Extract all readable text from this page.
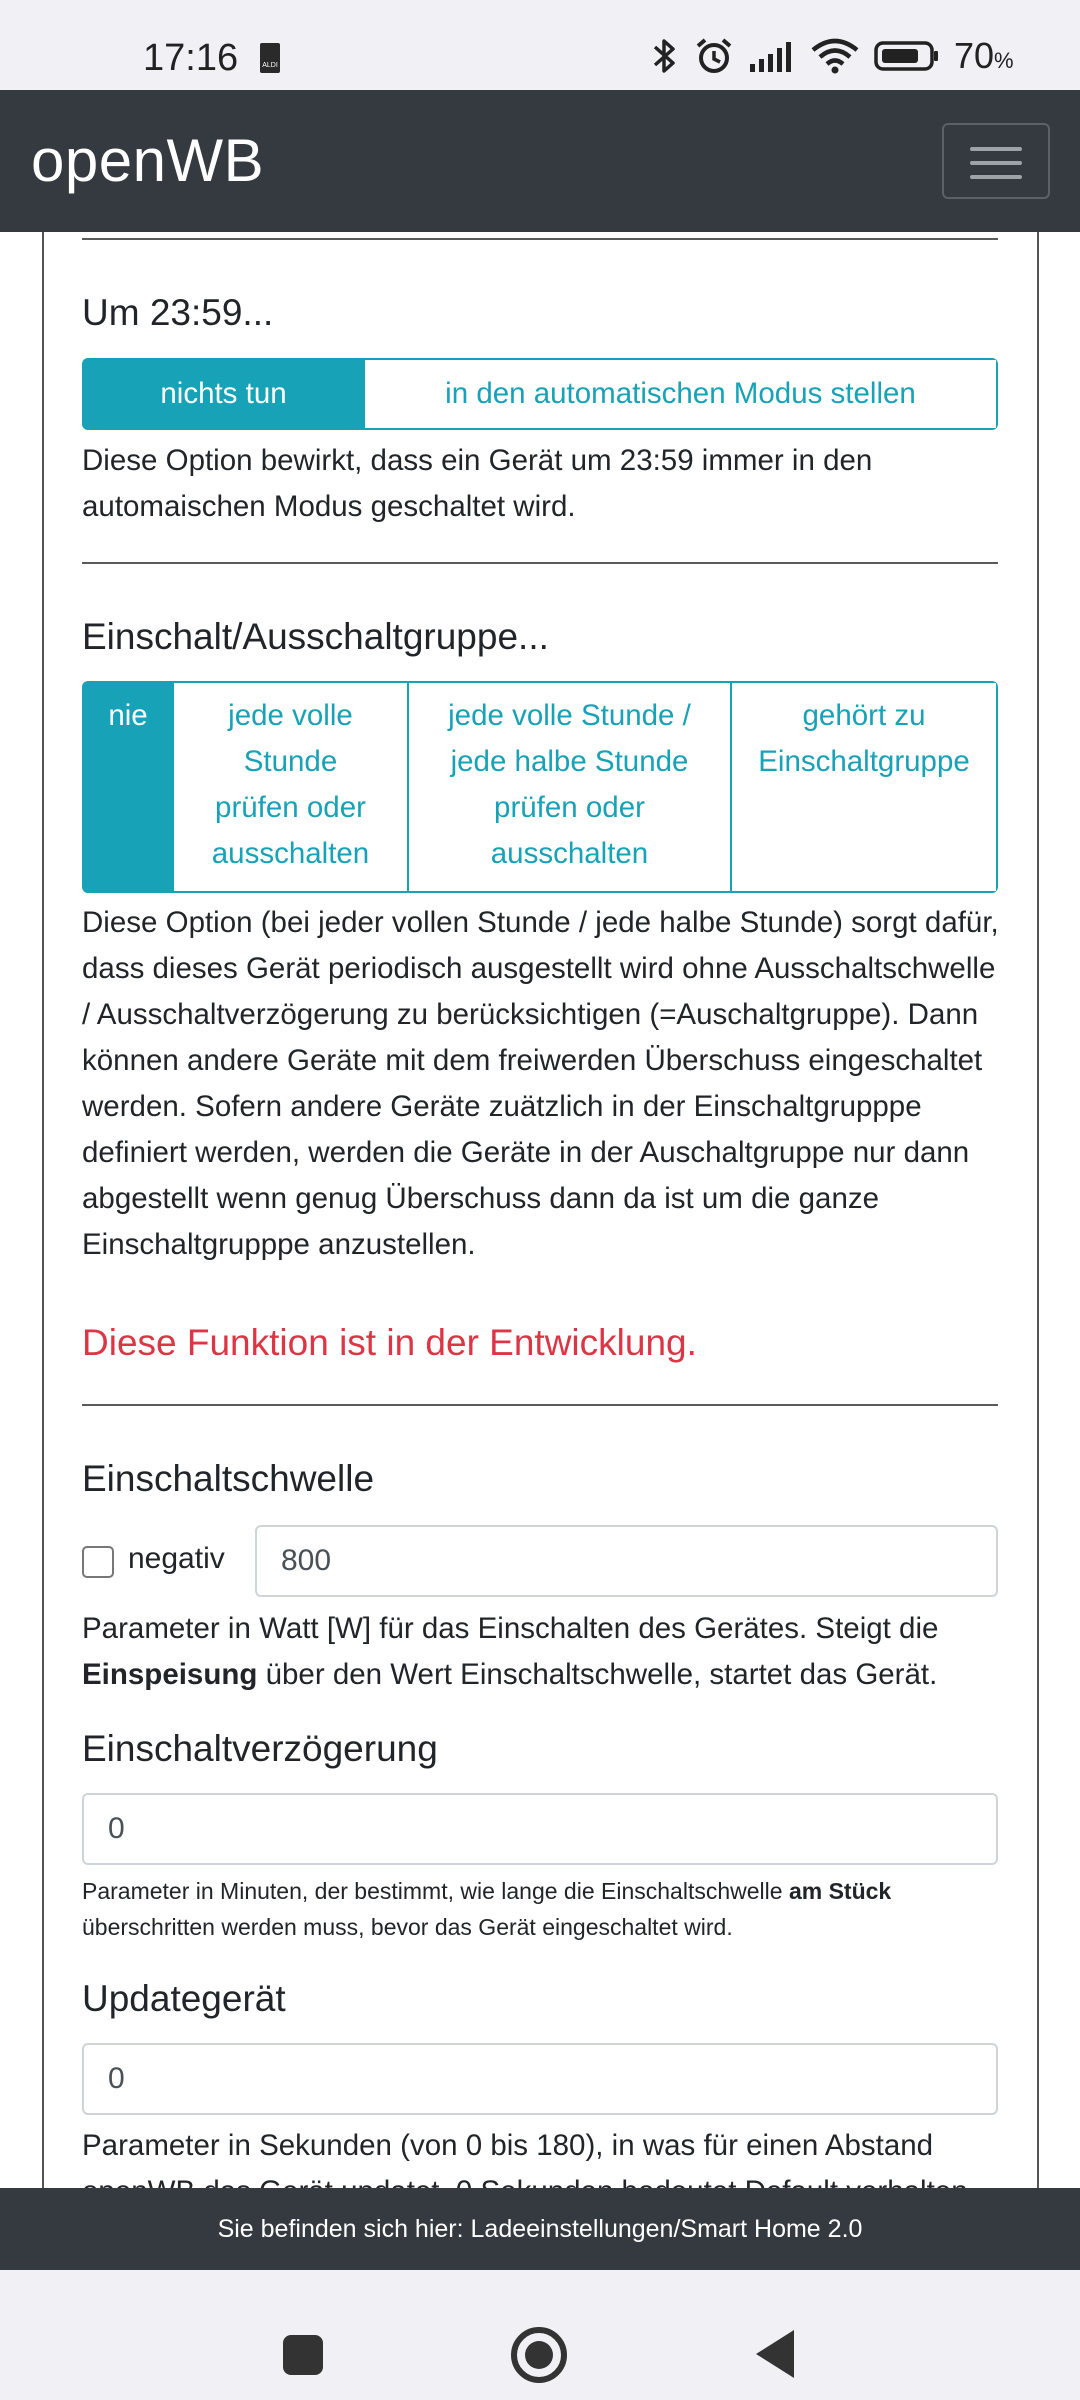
17:16	ALDI	70%
openWB
Um 23:59...
nichts tun	in den automatischen Modus stellen
Diese Option bewirkt, dass ein Gerät um 23:59 immer in den automaischen Modus geschaltet wird.
Einschalt/Ausschaltgruppe...
nie	jede volle Stunde prüfen oder ausschalten
jede volle Stunde / jede halbe Stunde prüfen oder ausschalten
gehört zu Einschaltgruppe
Diese Option (bei jeder vollen Stunde / jede halbe Stunde) sorgt dafür, dass dieses Gerät periodisch ausgestellt wird ohne Ausschaltschwelle / Ausschaltverzögerung zu berücksichtigen (=Auschaltgruppe). Dann können andere Geräte mit dem freiwerden Überschuss eingeschaltet werden. Sofern andere Geräte zuätzlich in der Einschaltgrupppe definiert werden, werden die Geräte in der Auschaltgruppe nur dann abgestellt wenn genug Überschuss dann da ist um die ganze Einschaltgrupppe anzustellen.
Diese Funktion ist in der Entwicklung.
Einschaltschwelle
negativ 800
Parameter in Watt [W] für das Einschalten des Gerätes. Steigt die Einspeisung über den Wert Einschaltschwelle, startet das Gerät.
Einschaltverzögerung
0
Parameter in Minuten, der bestimmt, wie lange die Einschaltschwelle am Stück überschritten werden muss, bevor das Gerät eingeschaltet wird.
Updategerät
0
Parameter in Sekunden (von 0 bis 180), in was für einen Abstand

Sie befinden sich hier: Ladeeinstellungen/Smart Home 2.0
